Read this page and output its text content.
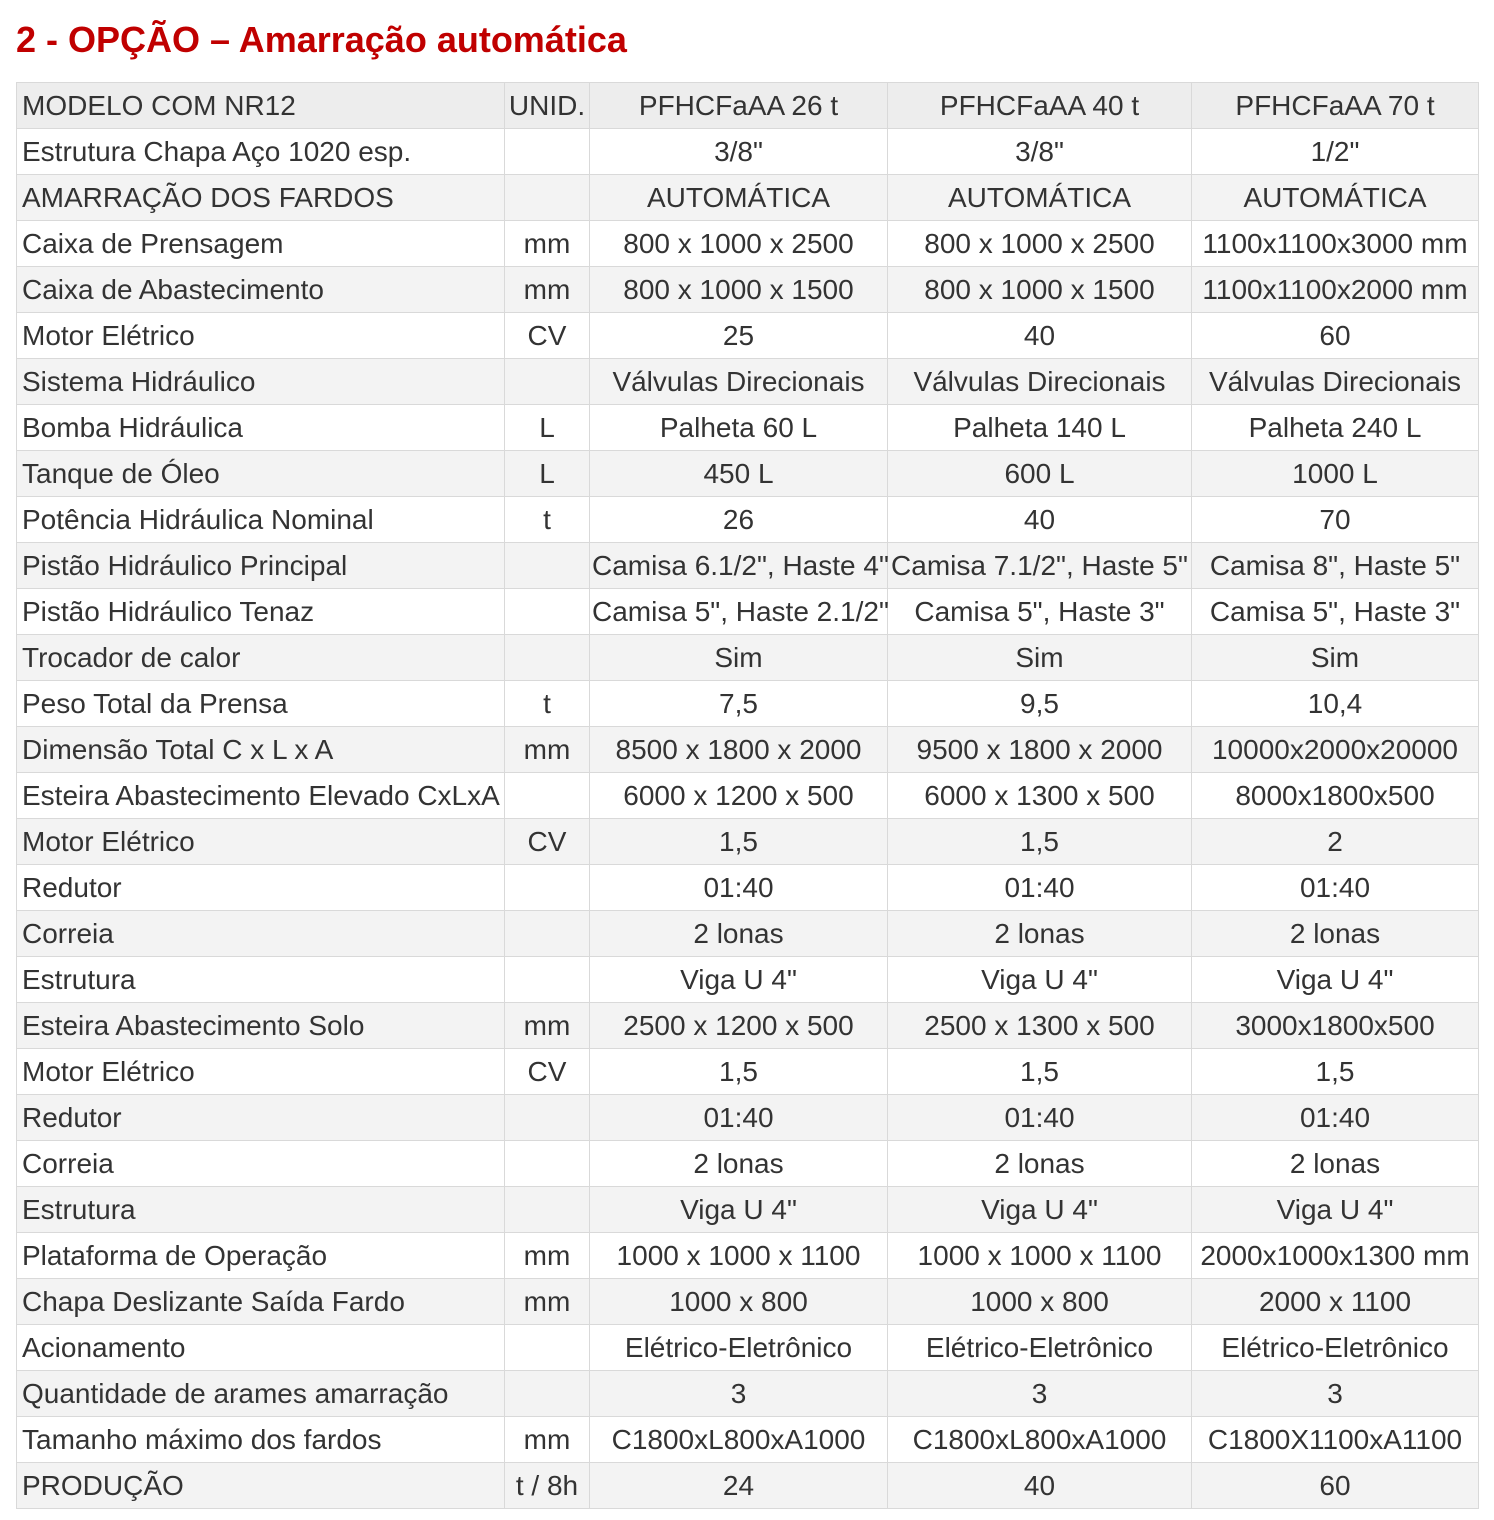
2 - OPÇÃO – Amarração automática
MODELO COM NR12	UNID.	PFHCFaAA 26 t	PFHCFaAA 40 t	PFHCFaAA 70 t
Estrutura Chapa Aço 1020 esp.		3/8"	3/8"	1/2"
AMARRAÇÃO DOS FARDOS		AUTOMÁTICA	AUTOMÁTICA	AUTOMÁTICA
Caixa de Prensagem	mm	800 x 1000 x 2500	800 x 1000 x 2500	1100x1100x3000 mm
Caixa de Abastecimento	mm	800 x 1000 x 1500	800 x 1000 x 1500	1100x1100x2000 mm
Motor Elétrico	CV	25	40	60
Sistema Hidráulico		Válvulas Direcionais	Válvulas Direcionais	Válvulas Direcionais
Bomba Hidráulica	L	Palheta 60 L	Palheta 140 L	Palheta 240 L
Tanque de Óleo	L	450 L	600 L	1000 L
Potência Hidráulica Nominal	t	26	40	70
Pistão Hidráulico Principal		Camisa 6.1/2", Haste 4"	Camisa 7.1/2", Haste 5"	Camisa 8", Haste 5"
Pistão Hidráulico Tenaz		Camisa 5", Haste 2.1/2"	Camisa 5", Haste 3"	Camisa 5", Haste 3"
Trocador de calor		Sim	Sim	Sim
Peso Total da Prensa	t	7,5	9,5	10,4
Dimensão Total C x L x A	mm	8500 x 1800 x 2000	9500 x 1800 x 2000	10000x2000x20000
Esteira Abastecimento Elevado CxLxA		6000 x 1200 x 500	6000 x 1300 x 500	8000x1800x500
Motor Elétrico	CV	1,5	1,5	2
Redutor		01:40	01:40	01:40
Correia		2 lonas	2 lonas	2 lonas
Estrutura		Viga U 4"	Viga U 4"	Viga U 4"
Esteira Abastecimento Solo	mm	2500 x 1200 x 500	2500 x 1300 x 500	3000x1800x500
Motor Elétrico	CV	1,5	1,5	1,5
Redutor		01:40	01:40	01:40
Correia		2 lonas	2 lonas	2 lonas
Estrutura		Viga U 4"	Viga U 4"	Viga U 4"
Plataforma de Operação	mm	1000 x 1000 x 1100	1000 x 1000 x 1100	2000x1000x1300 mm
Chapa Deslizante Saída Fardo	mm	1000 x 800	1000 x 800	2000 x 1100
Acionamento		Elétrico-Eletrônico	Elétrico-Eletrônico	Elétrico-Eletrônico
Quantidade de arames amarração		3	3	3
Tamanho máximo dos fardos	mm	C1800xL800xA1000	C1800xL800xA1000	C1800X1100xA1100
PRODUÇÃO	t / 8h	24	40	60
